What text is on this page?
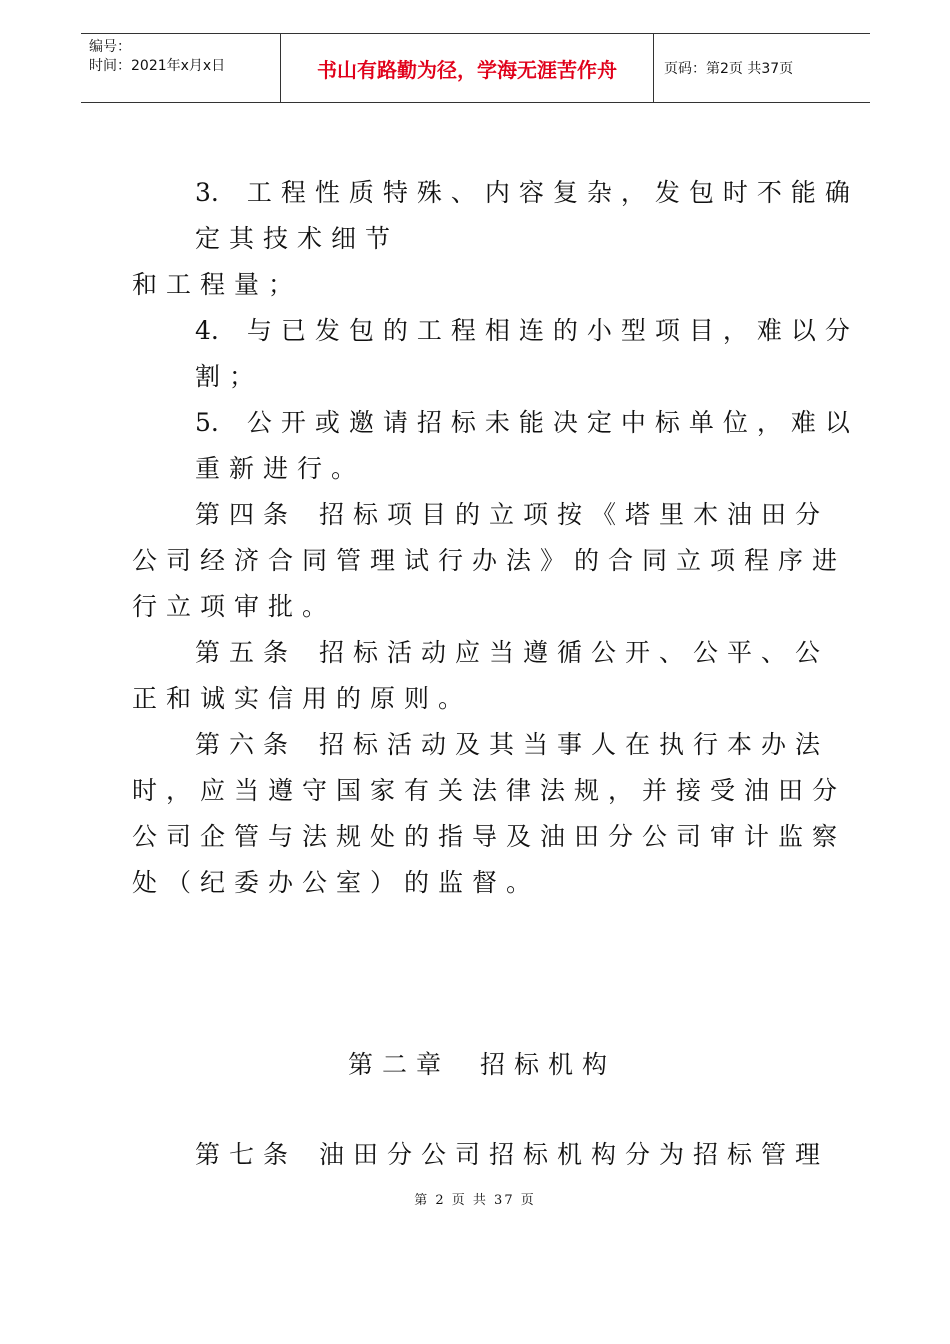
编号：
时间：2021年x月x日	书山有路勤为径，学海无涯苦作舟	页码：第2页 共37页
3. 工程性质特殊、内容复杂，发包时不能确
定其技术细节
和工程量；
4. 与已发包的工程相连的小型项目，难以分
割；
5. 公开或邀请招标未能决定中标单位，难以
重新进行。
第四条 招标项目的立项按《塔里木油田分
公司经济合同管理试行办法》的合同立项程序进
行立项审批。
第五条 招标活动应当遵循公开、公平、公
正和诚实信用的原则。
第六条 招标活动及其当事人在执行本办法
时，应当遵守国家有关法律法规，并接受油田分
公司企管与法规处的指导及油田分公司审计监察
处（纪委办公室）的监督。
第二章 招标机构
第七条 油田分公司招标机构分为招标管理
第 2 页 共 37 页
